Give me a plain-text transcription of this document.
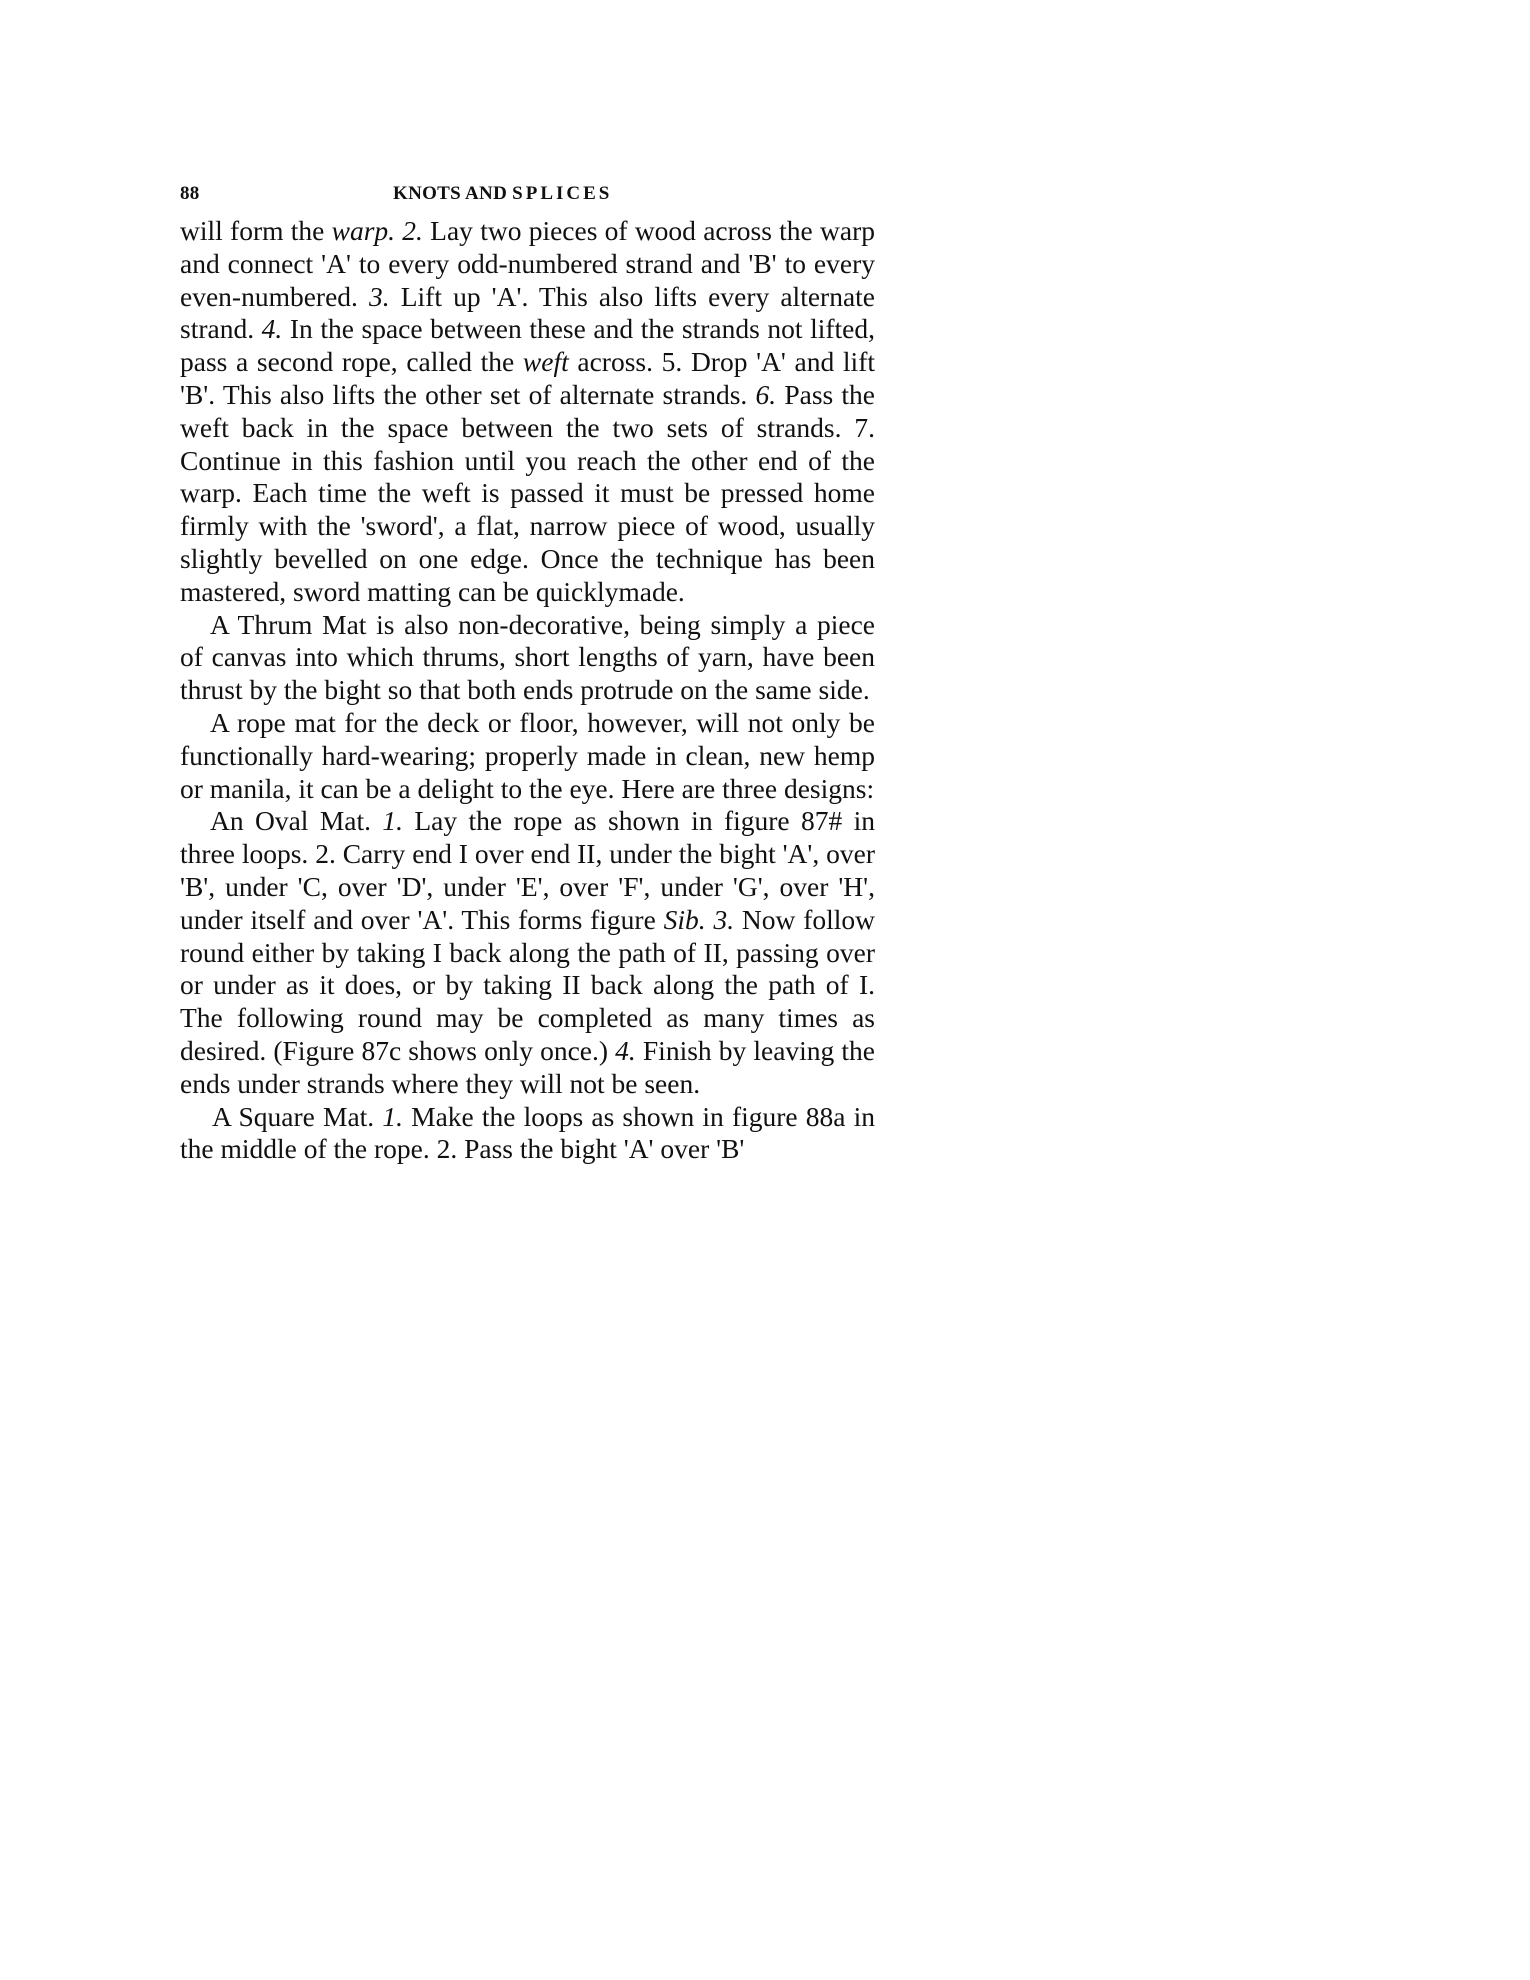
88	KNOTS AND SPLICES

will form the warp. 2. Lay two pieces of wood across the warp and connect 'A' to every odd-numbered strand and 'B' to every even-numbered. 3. Lift up 'A'. This also lifts every alternate strand. 4. In the space between these and the strands not lifted, pass a second rope, called the weft across. 5. Drop 'A' and lift 'B'. This also lifts the other set of alternate strands. 6. Pass the weft back in the space between the two sets of strands. 7. Continue in this fashion until you reach the other end of the warp. Each time the weft is passed it must be pressed home firmly with the 'sword', a flat, narrow piece of wood, usually slightly bevelled on one edge. Once the technique has been mastered, sword matting can be quicklymade.

A Thrum Mat is also non-decorative, being simply a piece of canvas into which thrums, short lengths of yarn, have been thrust by the bight so that both ends protrude on the same side.

A rope mat for the deck or floor, however, will not only be functionally hard-wearing; properly made in clean, new hemp or manila, it can be a delight to the eye. Here are three designs:

An Oval Mat. 1. Lay the rope as shown in figure 87# in three loops. 2. Carry end I over end II, under the bight 'A', over 'B', under 'C, over 'D', under 'E', over 'F', under 'G', over 'H', under itself and over 'A'. This forms figure Sib. 3. Now follow round either by taking I back along the path of II, passing over or under as it does, or by taking II back along the path of I. The following round may be completed as many times as desired. (Figure 87c shows only once.) 4. Finish by leaving the ends under strands where they will not be seen.

A Square Mat. 1. Make the loops as shown in figure 88a in the middle of the rope. 2. Pass the bight 'A' over 'B'
